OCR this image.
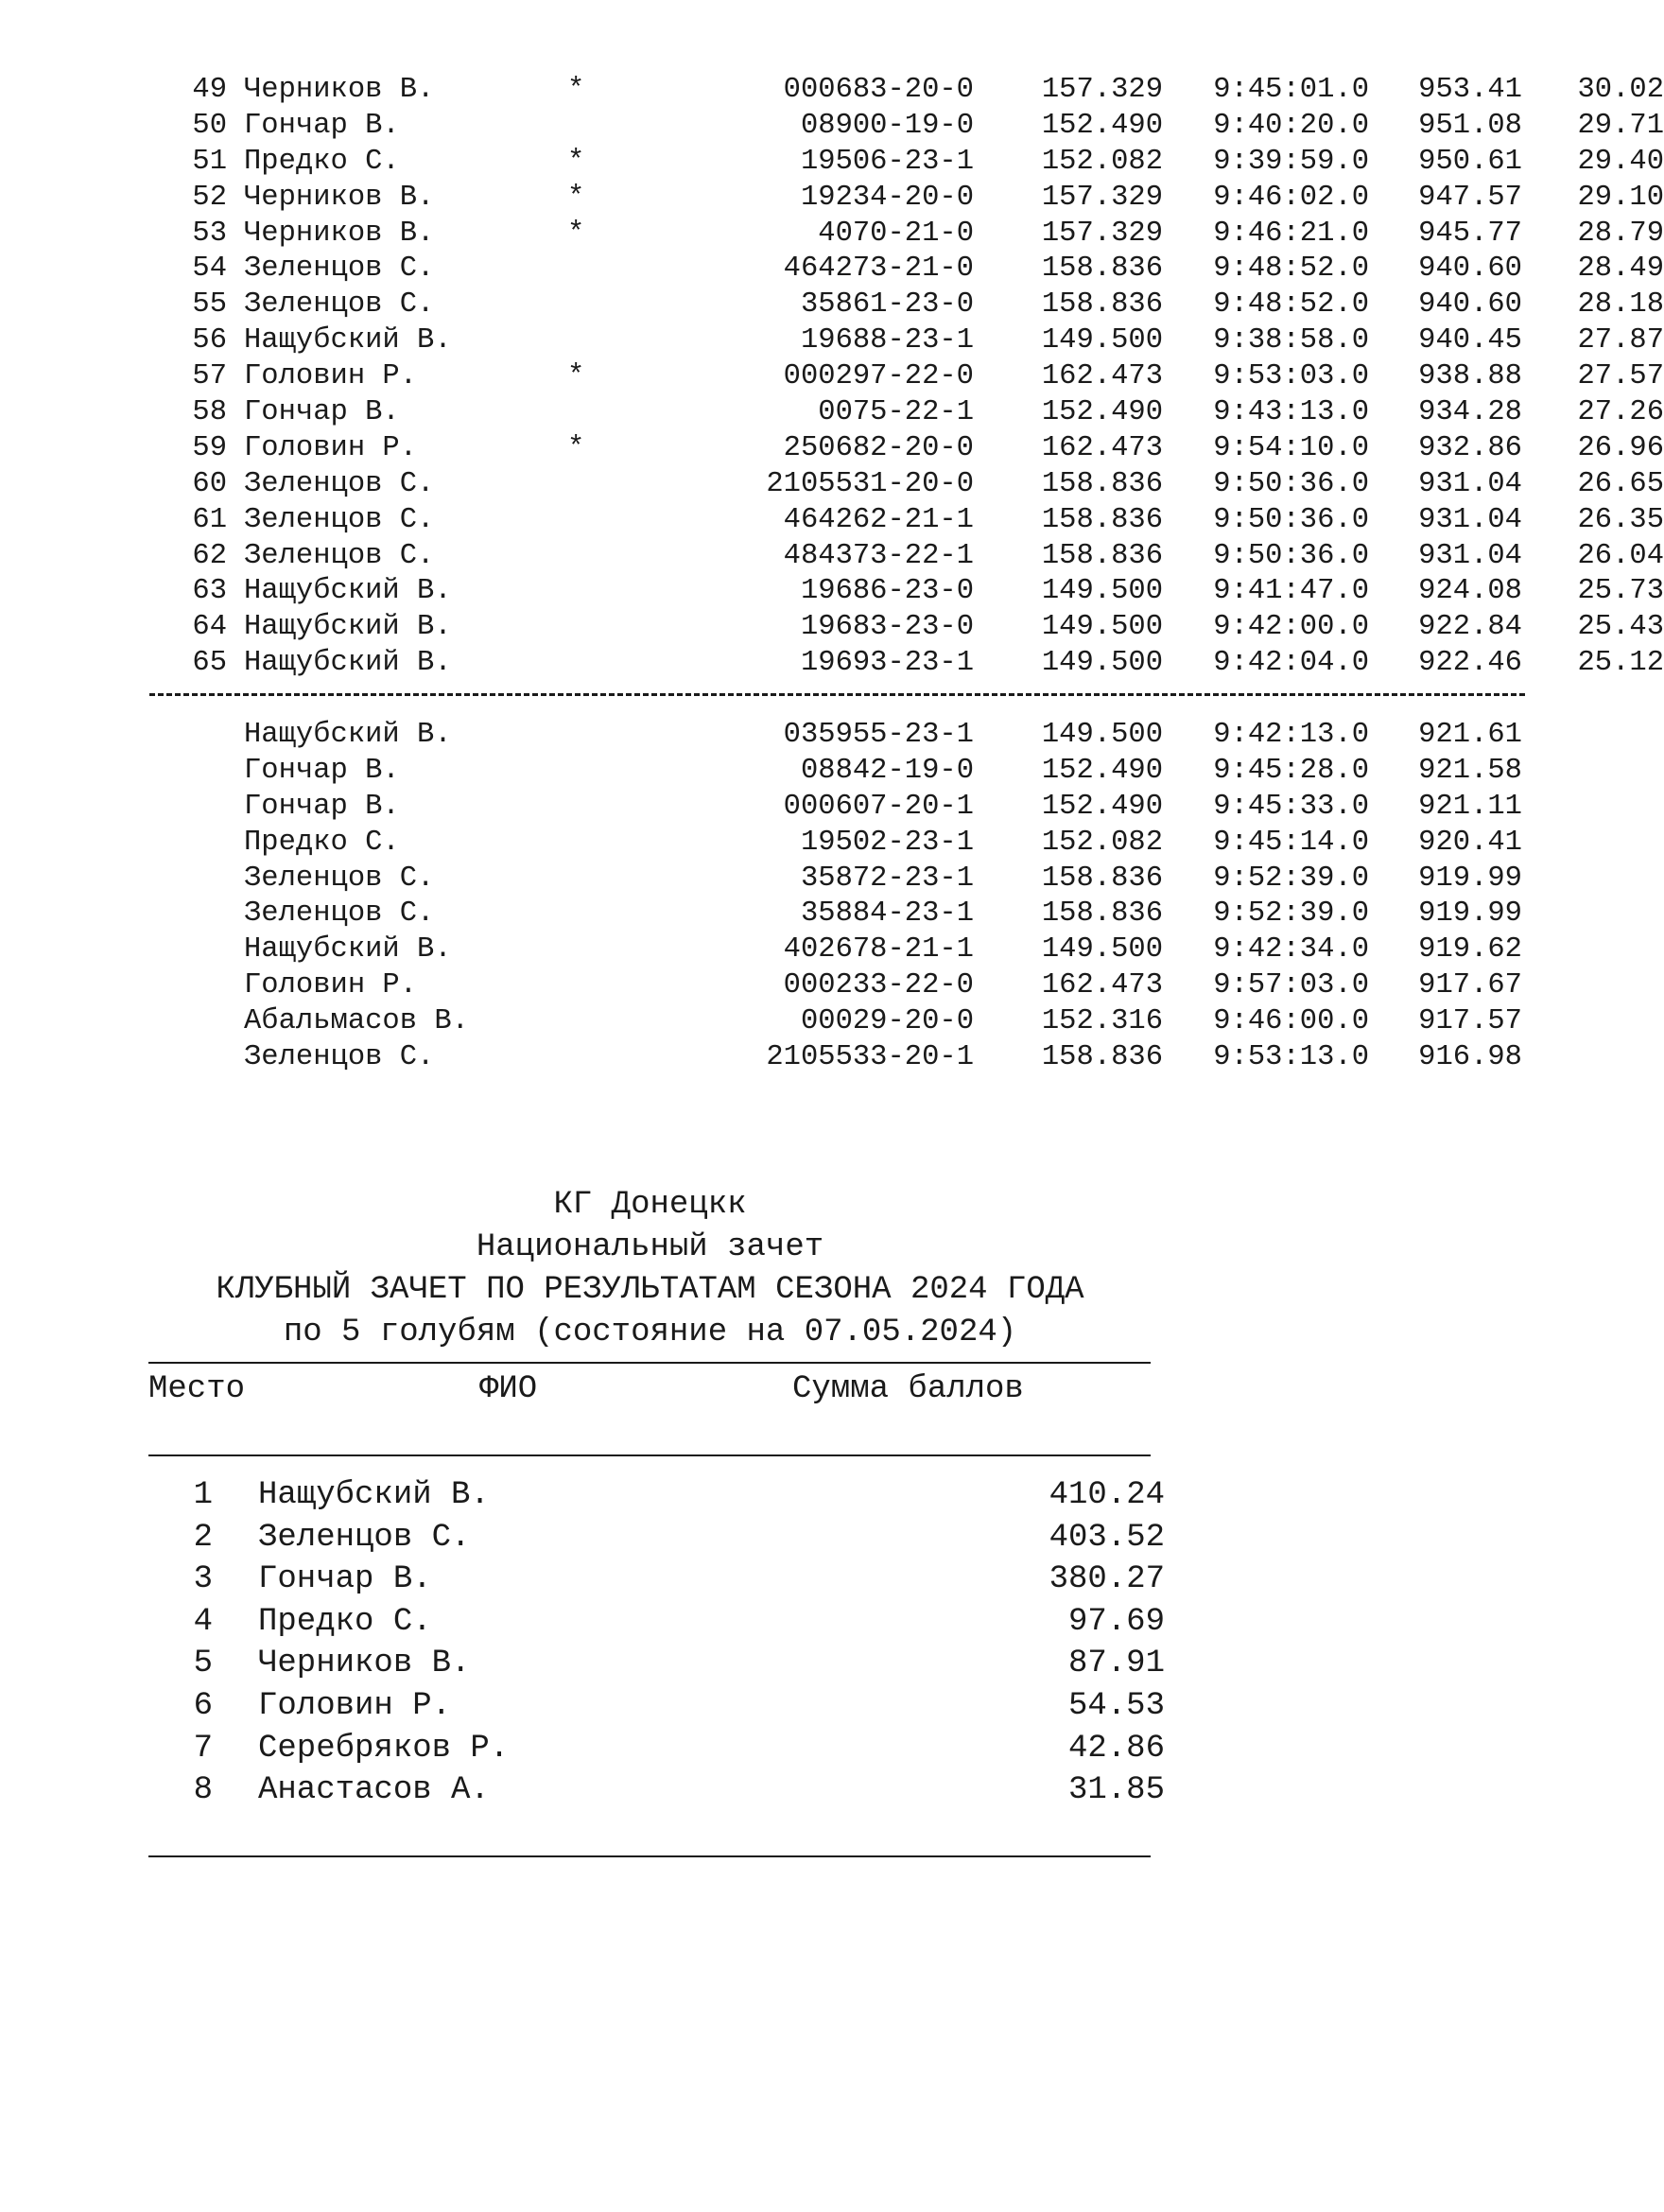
49 Черников В.	*	000683-20-0	157.329	9:45:01.0	953.41	30.02
50 Гончар В.	08900-19-0	152.490	9:40:20.0	951.08	29.71
51 Предко С.	*	19506-23-1	152.082	9:39:59.0	950.61	29.40
52 Черников В.	*	19234-20-0	157.329	9:46:02.0	947.57	29.10
53 Черников В.	*	4070-21-0	157.329	9:46:21.0	945.77	28.79
54 Зеленцов С.	464273-21-0	158.836	9:48:52.0	940.60	28.49
55 Зеленцов С.	35861-23-0	158.836	9:48:52.0	940.60	28.18
56 Нащубский В.	19688-23-1	149.500	9:38:58.0	940.45	27.87
57 Головин Р.	*	000297-22-0	162.473	9:53:03.0	938.88	27.57
58 Гончар В.	0075-22-1	152.490	9:43:13.0	934.28	27.26
59 Головин Р.	*	250682-20-0	162.473	9:54:10.0	932.86	26.96
60 Зеленцов С.	2105531-20-0	158.836	9:50:36.0	931.04	26.65
61 Зеленцов С.	464262-21-1	158.836	9:50:36.0	931.04	26.35
62 Зеленцов С.	484373-22-1	158.836	9:50:36.0	931.04	26.04
63 Нащубский В.	19686-23-0	149.500	9:41:47.0	924.08	25.73
64 Нащубский В.	19683-23-0	149.500	9:42:00.0	922.84	25.43
65 Нащубский В.	19693-23-1	149.500	9:42:04.0	922.46	25.12
Нащубский В.	035955-23-1	149.500	9:42:13.0	921.61
Гончар В.	08842-19-0	152.490	9:45:28.0	921.58
Гончар В.	000607-20-1	152.490	9:45:33.0	921.11
Предко С.	19502-23-1	152.082	9:45:14.0	920.41
Зеленцов С.	35872-23-1	158.836	9:52:39.0	919.99
Зеленцов С.	35884-23-1	158.836	9:52:39.0	919.99
Нащубский В.	402678-21-1	149.500	9:42:34.0	919.62
Головин Р.	000233-22-0	162.473	9:57:03.0	917.67
Абальмасов В.	00029-20-0	152.316	9:46:00.0	917.57
Зеленцов С.	2105533-20-1	158.836	9:53:13.0	916.98
КГ Донецкк
Национальный зачет
КЛУБНЫЙ ЗАЧЕТ ПО РЕЗУЛЬТАТАМ СЕЗОНА 2024 ГОДА
по 5 голубям (состояние на 07.05.2024)
Место	ФИО	Сумма баллов
1 Нащубский В.	410.24
2 Зеленцов С.	403.52
3 Гончар В.	380.27
4 Предко С.	97.69
5 Черников В.	87.91
6 Головин Р.	54.53
7 Серебряков Р.	42.86
8 Анастасов А.	31.85
